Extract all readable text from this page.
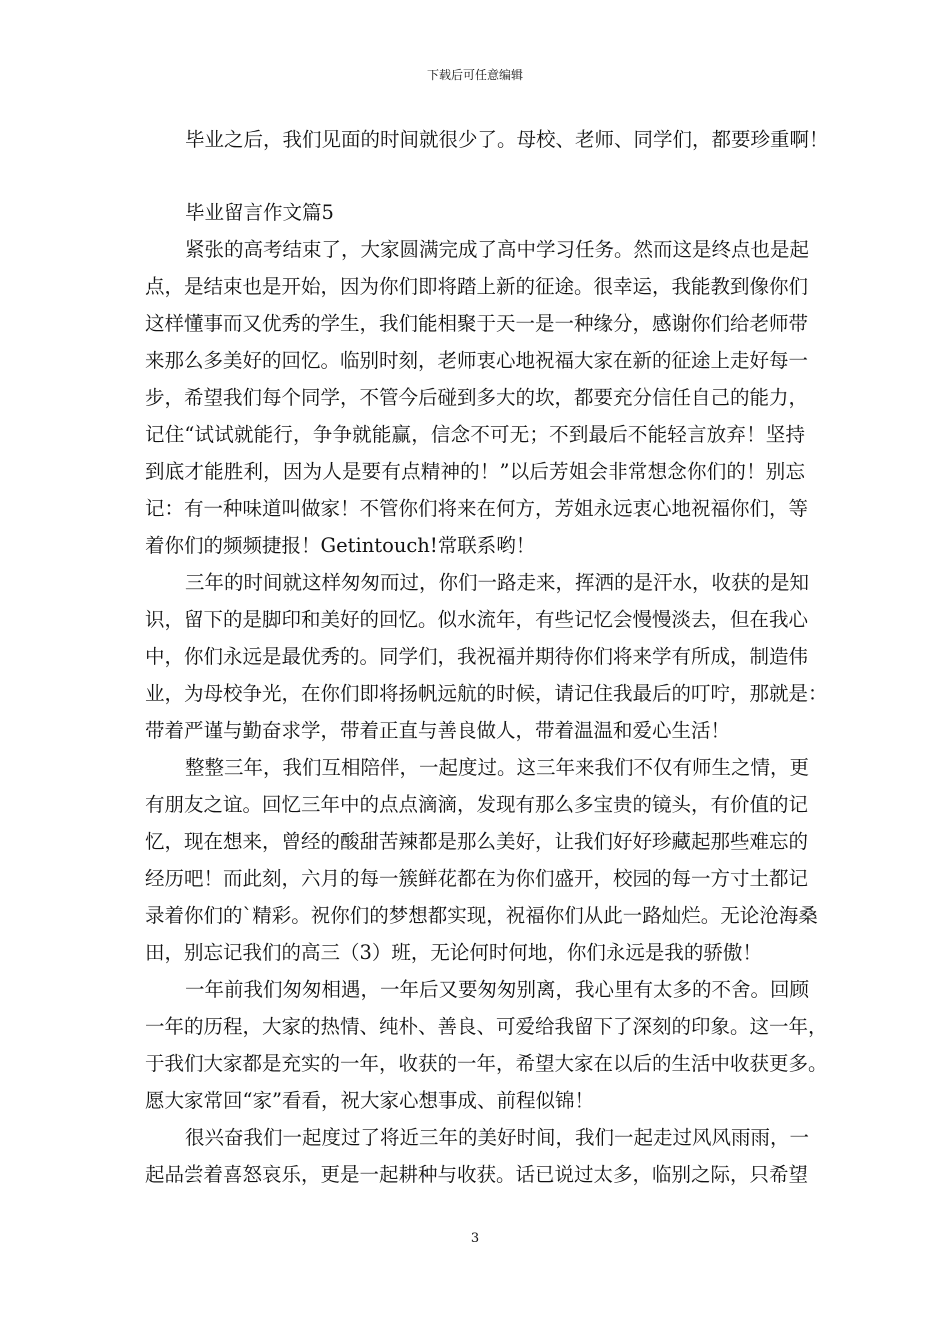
下载后可任意编辑
毕业之后，我们见面的时间就很少了。母校、老师、同学们，都要珍重啊！
毕业留言作文篇5
紧张的高考结束了，大家圆满完成了高中学习任务。然而这是终点也是起
点，是结束也是开始，因为你们即将踏上新的征途。很幸运，我能教到像你们
这样懂事而又优秀的学生，我们能相聚于天一是一种缘分，感谢你们给老师带
来那么多美好的回忆。临别时刻，老师衷心地祝福大家在新的征途上走好每一
步，希望我们每个同学，不管今后碰到多大的坎，都要充分信任自己的能力，
记住“试试就能行，争争就能赢，信念不可无；不到最后不能轻言放弃！坚持
到底才能胜利，因为人是要有点精神的！”以后芳姐会非常想念你们的！别忘
记：有一种味道叫做家！不管你们将来在何方，芳姐永远衷心地祝福你们，等
着你们的频频捷报！Getintouch!常联系哟！
三年的时间就这样匆匆而过，你们一路走来，挥洒的是汗水，收获的是知
识，留下的是脚印和美好的回忆。似水流年，有些记忆会慢慢淡去，但在我心
中，你们永远是最优秀的。同学们，我祝福并期待你们将来学有所成，制造伟
业，为母校争光，在你们即将扬帆远航的时候，请记住我最后的叮咛，那就是：
带着严谨与勤奋求学，带着正直与善良做人，带着温温和爱心生活！
整整三年，我们互相陪伴，一起度过。这三年来我们不仅有师生之情，更
有朋友之谊。回忆三年中的点点滴滴，发现有那么多宝贵的镜头，有价值的记
忆，现在想来，曾经的酸甜苦辣都是那么美好，让我们好好珍藏起那些难忘的
经历吧！而此刻，六月的每一簇鲜花都在为你们盛开，校园的每一方寸土都记
录着你们的`精彩。祝你们的梦想都实现，祝福你们从此一路灿烂。无论沧海桑
田，别忘记我们的高三（3）班，无论何时何地，你们永远是我的骄傲！
一年前我们匆匆相遇，一年后又要匆匆别离，我心里有太多的不舍。回顾
一年的历程，大家的热情、纯朴、善良、可爱给我留下了深刻的印象。这一年，
于我们大家都是充实的一年，收获的一年，希望大家在以后的生活中收获更多。
愿大家常回“家”看看，祝大家心想事成、前程似锦！
很兴奋我们一起度过了将近三年的美好时间，我们一起走过风风雨雨，一
起品尝着喜怒哀乐，更是一起耕种与收获。话已说过太多，临别之际，只希望
3
